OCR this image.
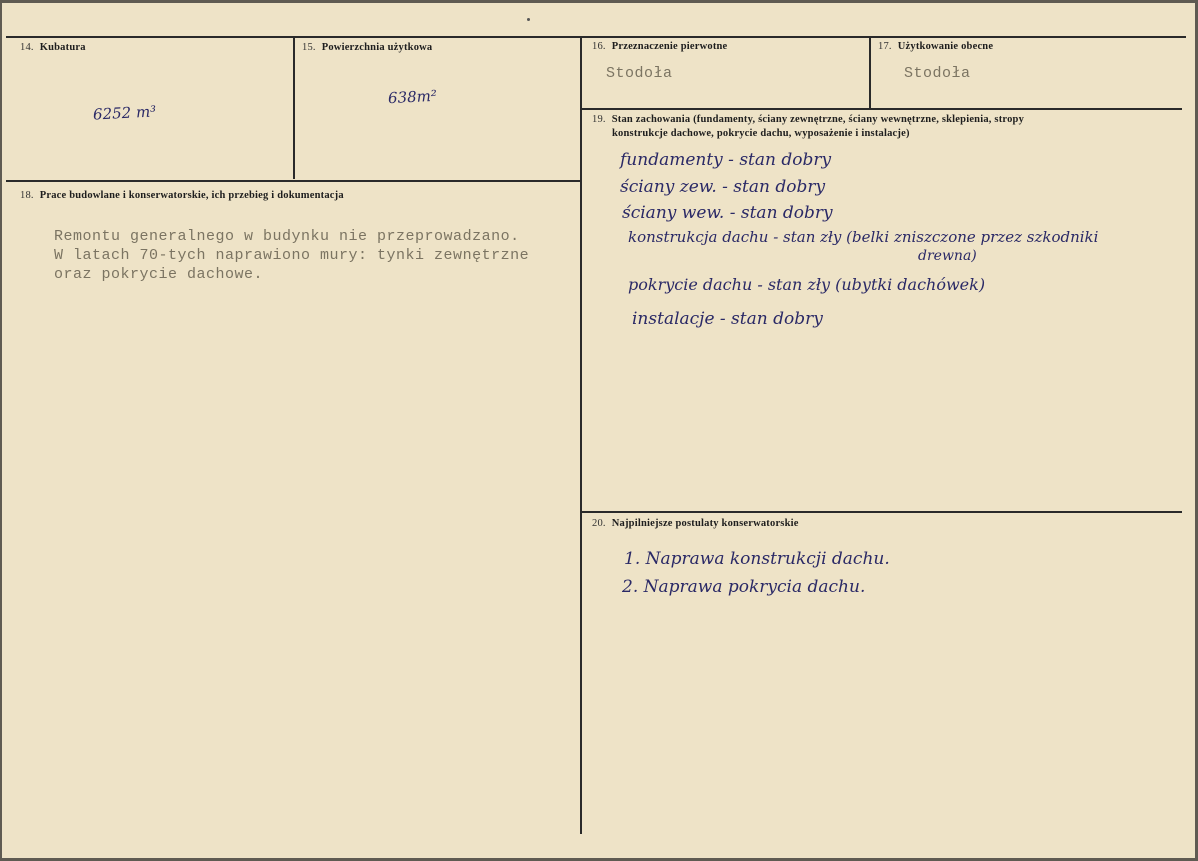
14. Kubatura
6252 m³
15. Powierzchnia użytkowa
638m²
16. Przeznaczenie pierwotne
Stodoła
17. Użytkowanie obecne
Stodoła
18. Prace budowlane i konserwatorskie, ich przebieg i dokumentacja
Remontu generalnego w budynku nie przeprowadzano.
W latach 70-tych naprawiono mury: tynki zewnętrzne
oraz pokrycie dachowe.
19. Stan zachowania (fundamenty, ściany zewnętrzne, ściany wewnętrzne, sklepienia, stropy
konstrukcje dachowe, pokrycie dachu, wyposażenie i instalacje)
fundamenty - stan dobry
ściany zew. - stan dobry
ściany wew. - stan dobry
konstrukcja dachu - stan zły (belki zniszczone przez szkodniki
drewna)
pokrycie dachu - stan zły (ubytki dachówek)
instalacje - stan dobry
20. Najpilniejsze postulaty konserwatorskie
1. Naprawa konstrukcji dachu.
2. Naprawa pokrycia dachu.
